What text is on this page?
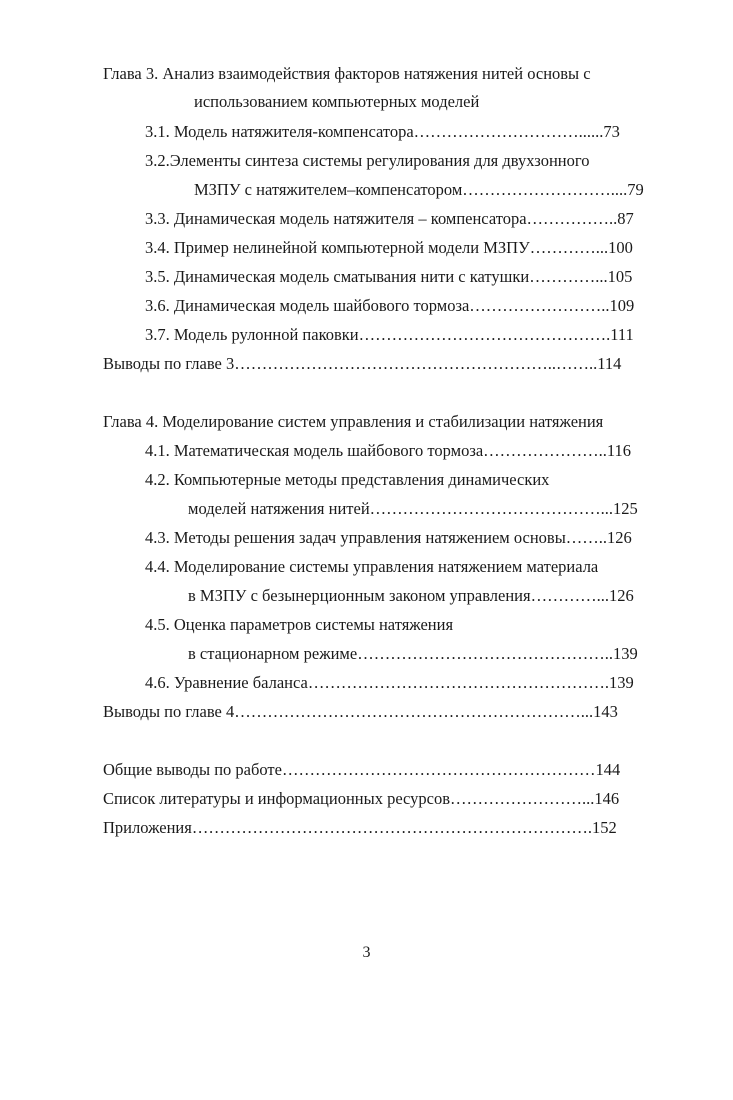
Глава 3. Анализ взаимодействия факторов натяжения нитей основы с
использованием компьютерных моделей
3.1. Модель натяжителя-компенсатора…………………………......73
3.2.Элементы синтеза системы регулирования для двухзонного
МЗПУ с натяжителем–компенсатором………………………....79
3.3. Динамическая модель натяжителя – компенсатора……………..87
3.4. Пример нелинейной компьютерной модели МЗПУ…………...100
3.5. Динамическая модель сматывания нити с катушки…………...105
3.6. Динамическая модель шайбового тормоза……………………..109
3.7. Модель рулонной паковки……………………………………….111
Выводы по главе 3…………………………………………………..……..114
Глава 4. Моделирование систем управления и стабилизации натяжения
4.1. Математическая модель шайбового тормоза…………………..116
4.2. Компьютерные методы представления динамических
моделей натяжения нитей……………………………………...125
4.3. Методы решения задач управления натяжением основы……..126
4.4. Моделирование системы управления натяжением материала
в МЗПУ с безынерционным законом управления…………...126
4.5. Оценка параметров системы натяжения
в стационарном режиме………………………………………..139
4.6. Уравнение баланса……………………………………………….139
Выводы по главе 4………………………………………………………...143
Общие выводы по работе…………………………………………………144
Список литературы и информационных ресурсов……………………...146
Приложения……………………………………………………………….152
3
